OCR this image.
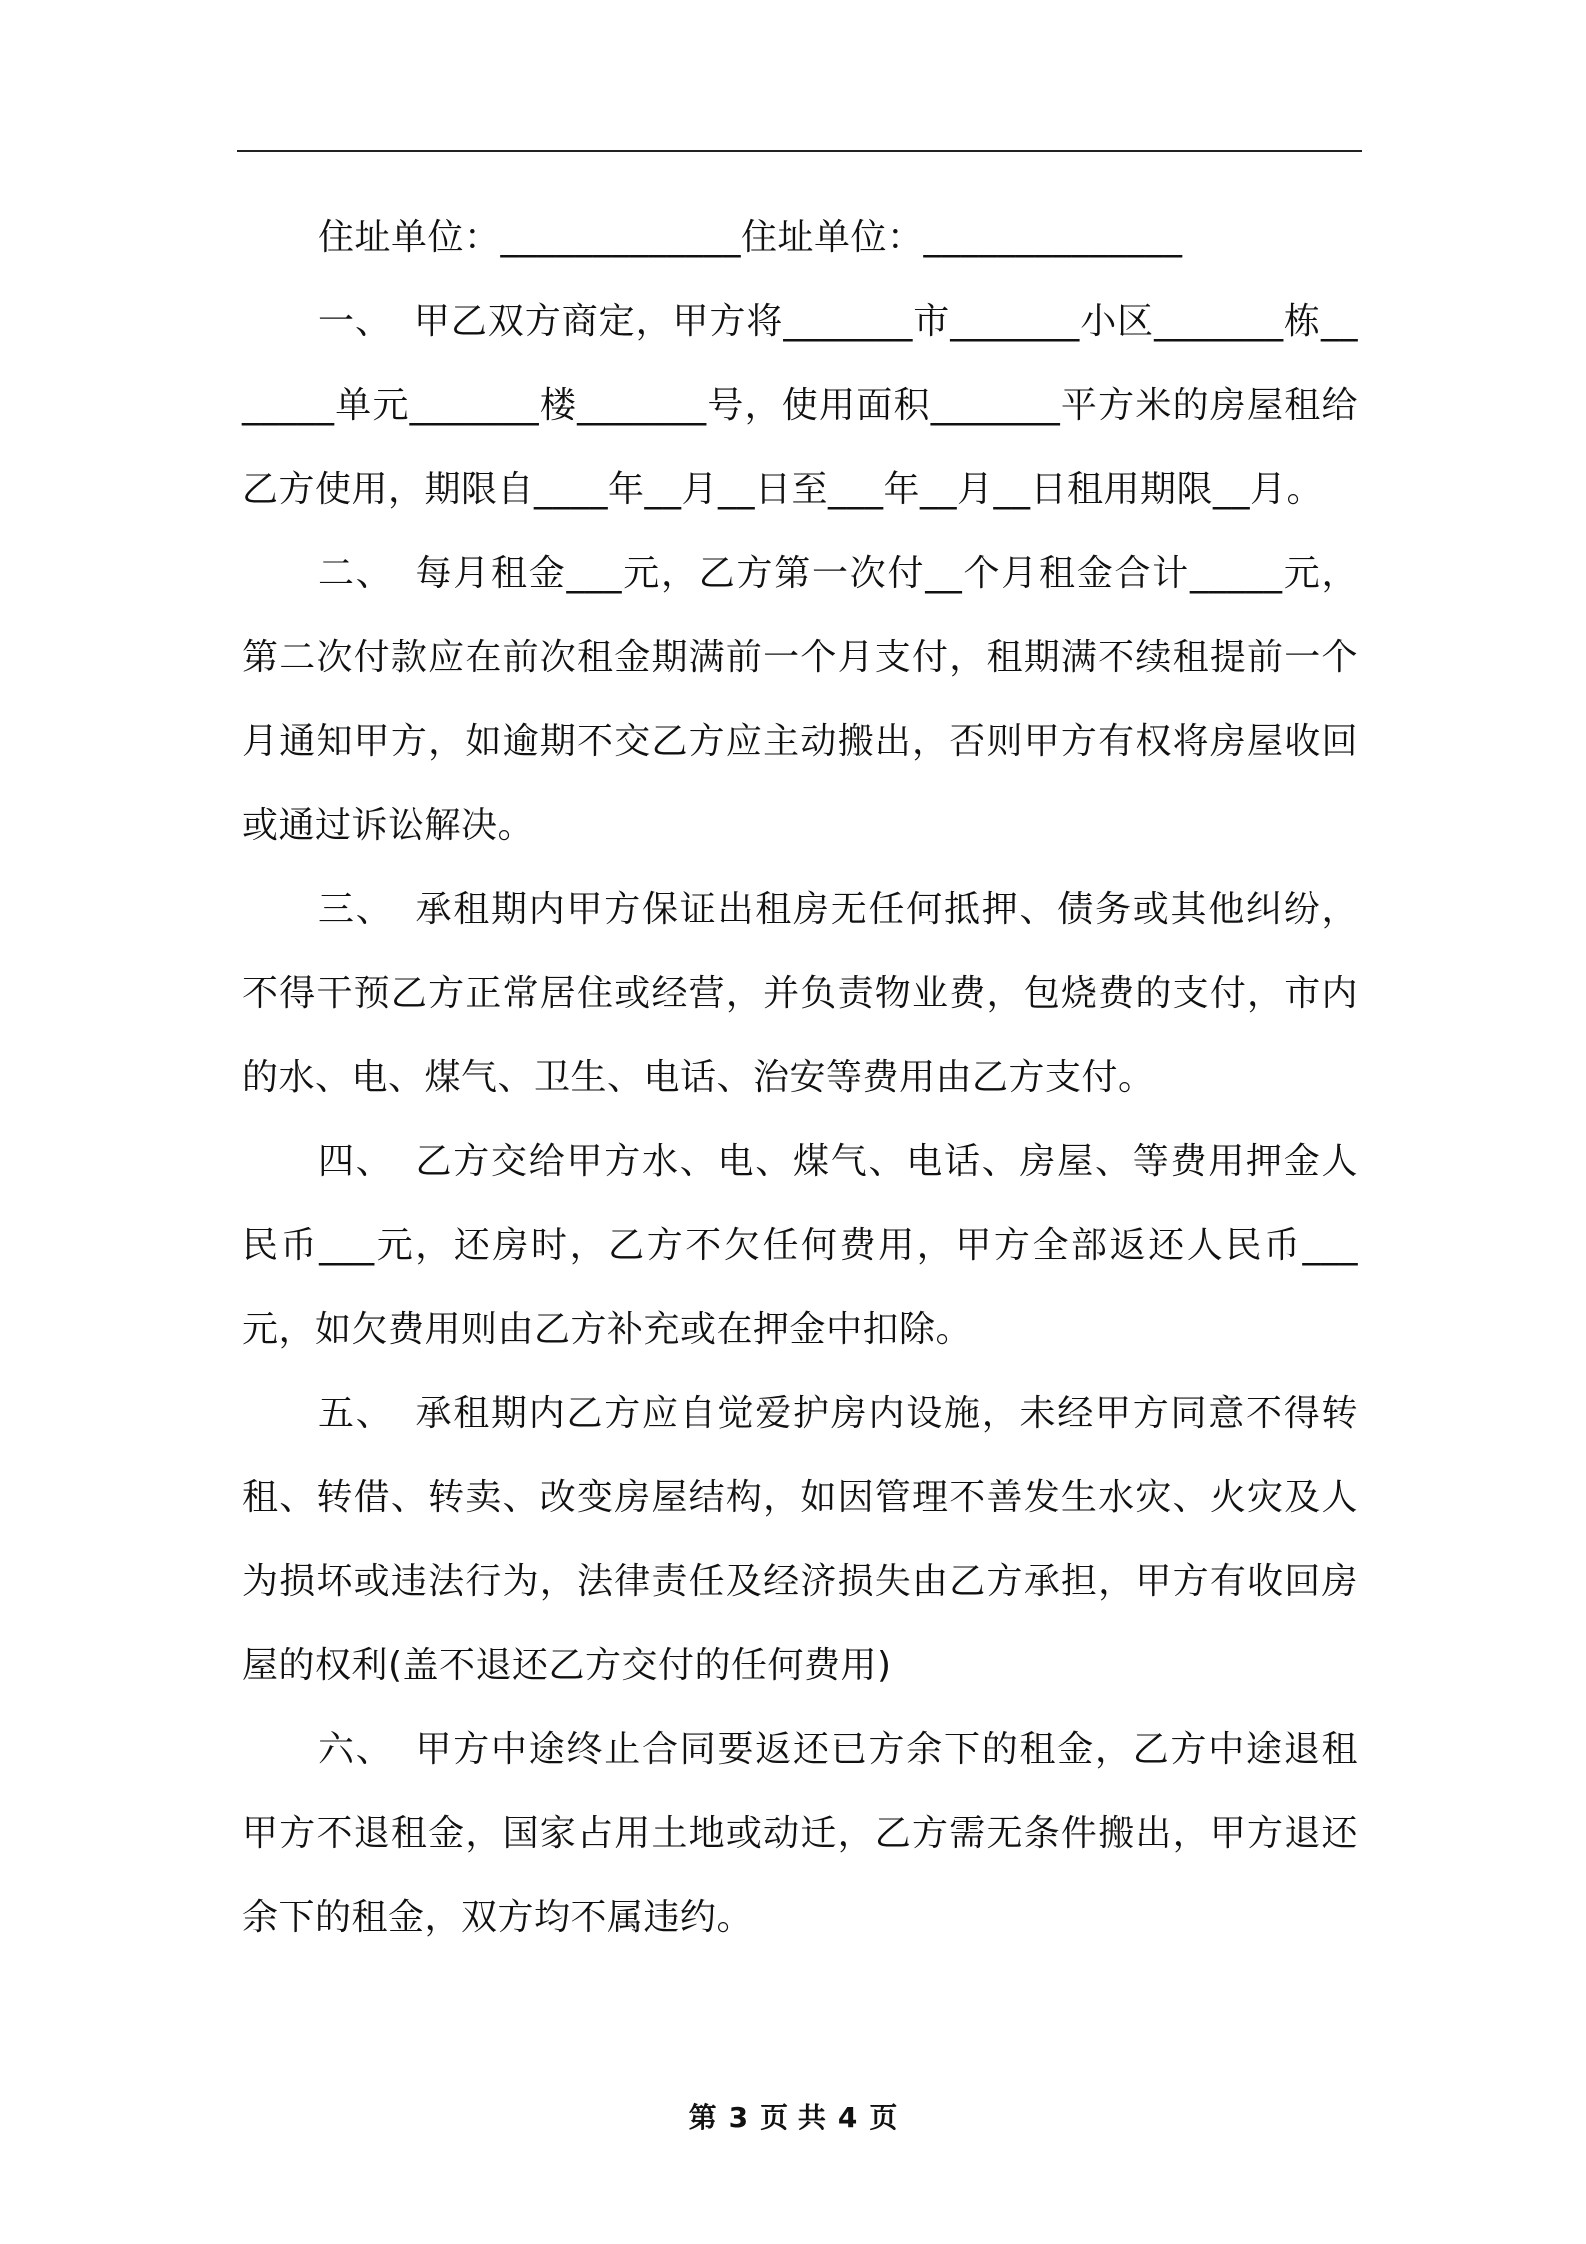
住址单位：_____________住址单位：______________

一、 甲乙双方商定，甲方将_______市_______小区_______栋_______单元_______楼_______号，使用面积_______平方米的房屋租给乙方使用，期限自____年__月__日至___年__月__日租用期限__月。

二、 每月租金___元，乙方第一次付__个月租金合计_____元，第二次付款应在前次租金期满前一个月支付，租期满不续租提前一个月通知甲方，如逾期不交乙方应主动搬出，否则甲方有权将房屋收回或通过诉讼解决。

三、 承租期内甲方保证出租房无任何抵押、债务或其他纠纷，不得干预乙方正常居住或经营，并负责物业费，包烧费的支付，市内的水、电、煤气、卫生、电话、治安等费用由乙方支付。

四、 乙方交给甲方水、电、煤气、电话、房屋、等费用押金人民币___元，还房时，乙方不欠任何费用，甲方全部返还人民币___元，如欠费用则由乙方补充或在押金中扣除。

五、 承租期内乙方应自觉爱护房内设施，未经甲方同意不得转租、转借、转卖、改变房屋结构，如因管理不善发生水灾、火灾及人为损坏或违法行为，法律责任及经济损失由乙方承担，甲方有收回房屋的权利(盖不退还乙方交付的任何费用)

六、 甲方中途终止合同要返还已方余下的租金，乙方中途退租甲方不退租金，国家占用土地或动迁，乙方需无条件搬出，甲方退还余下的租金，双方均不属违约。

第 3 页 共 4 页
